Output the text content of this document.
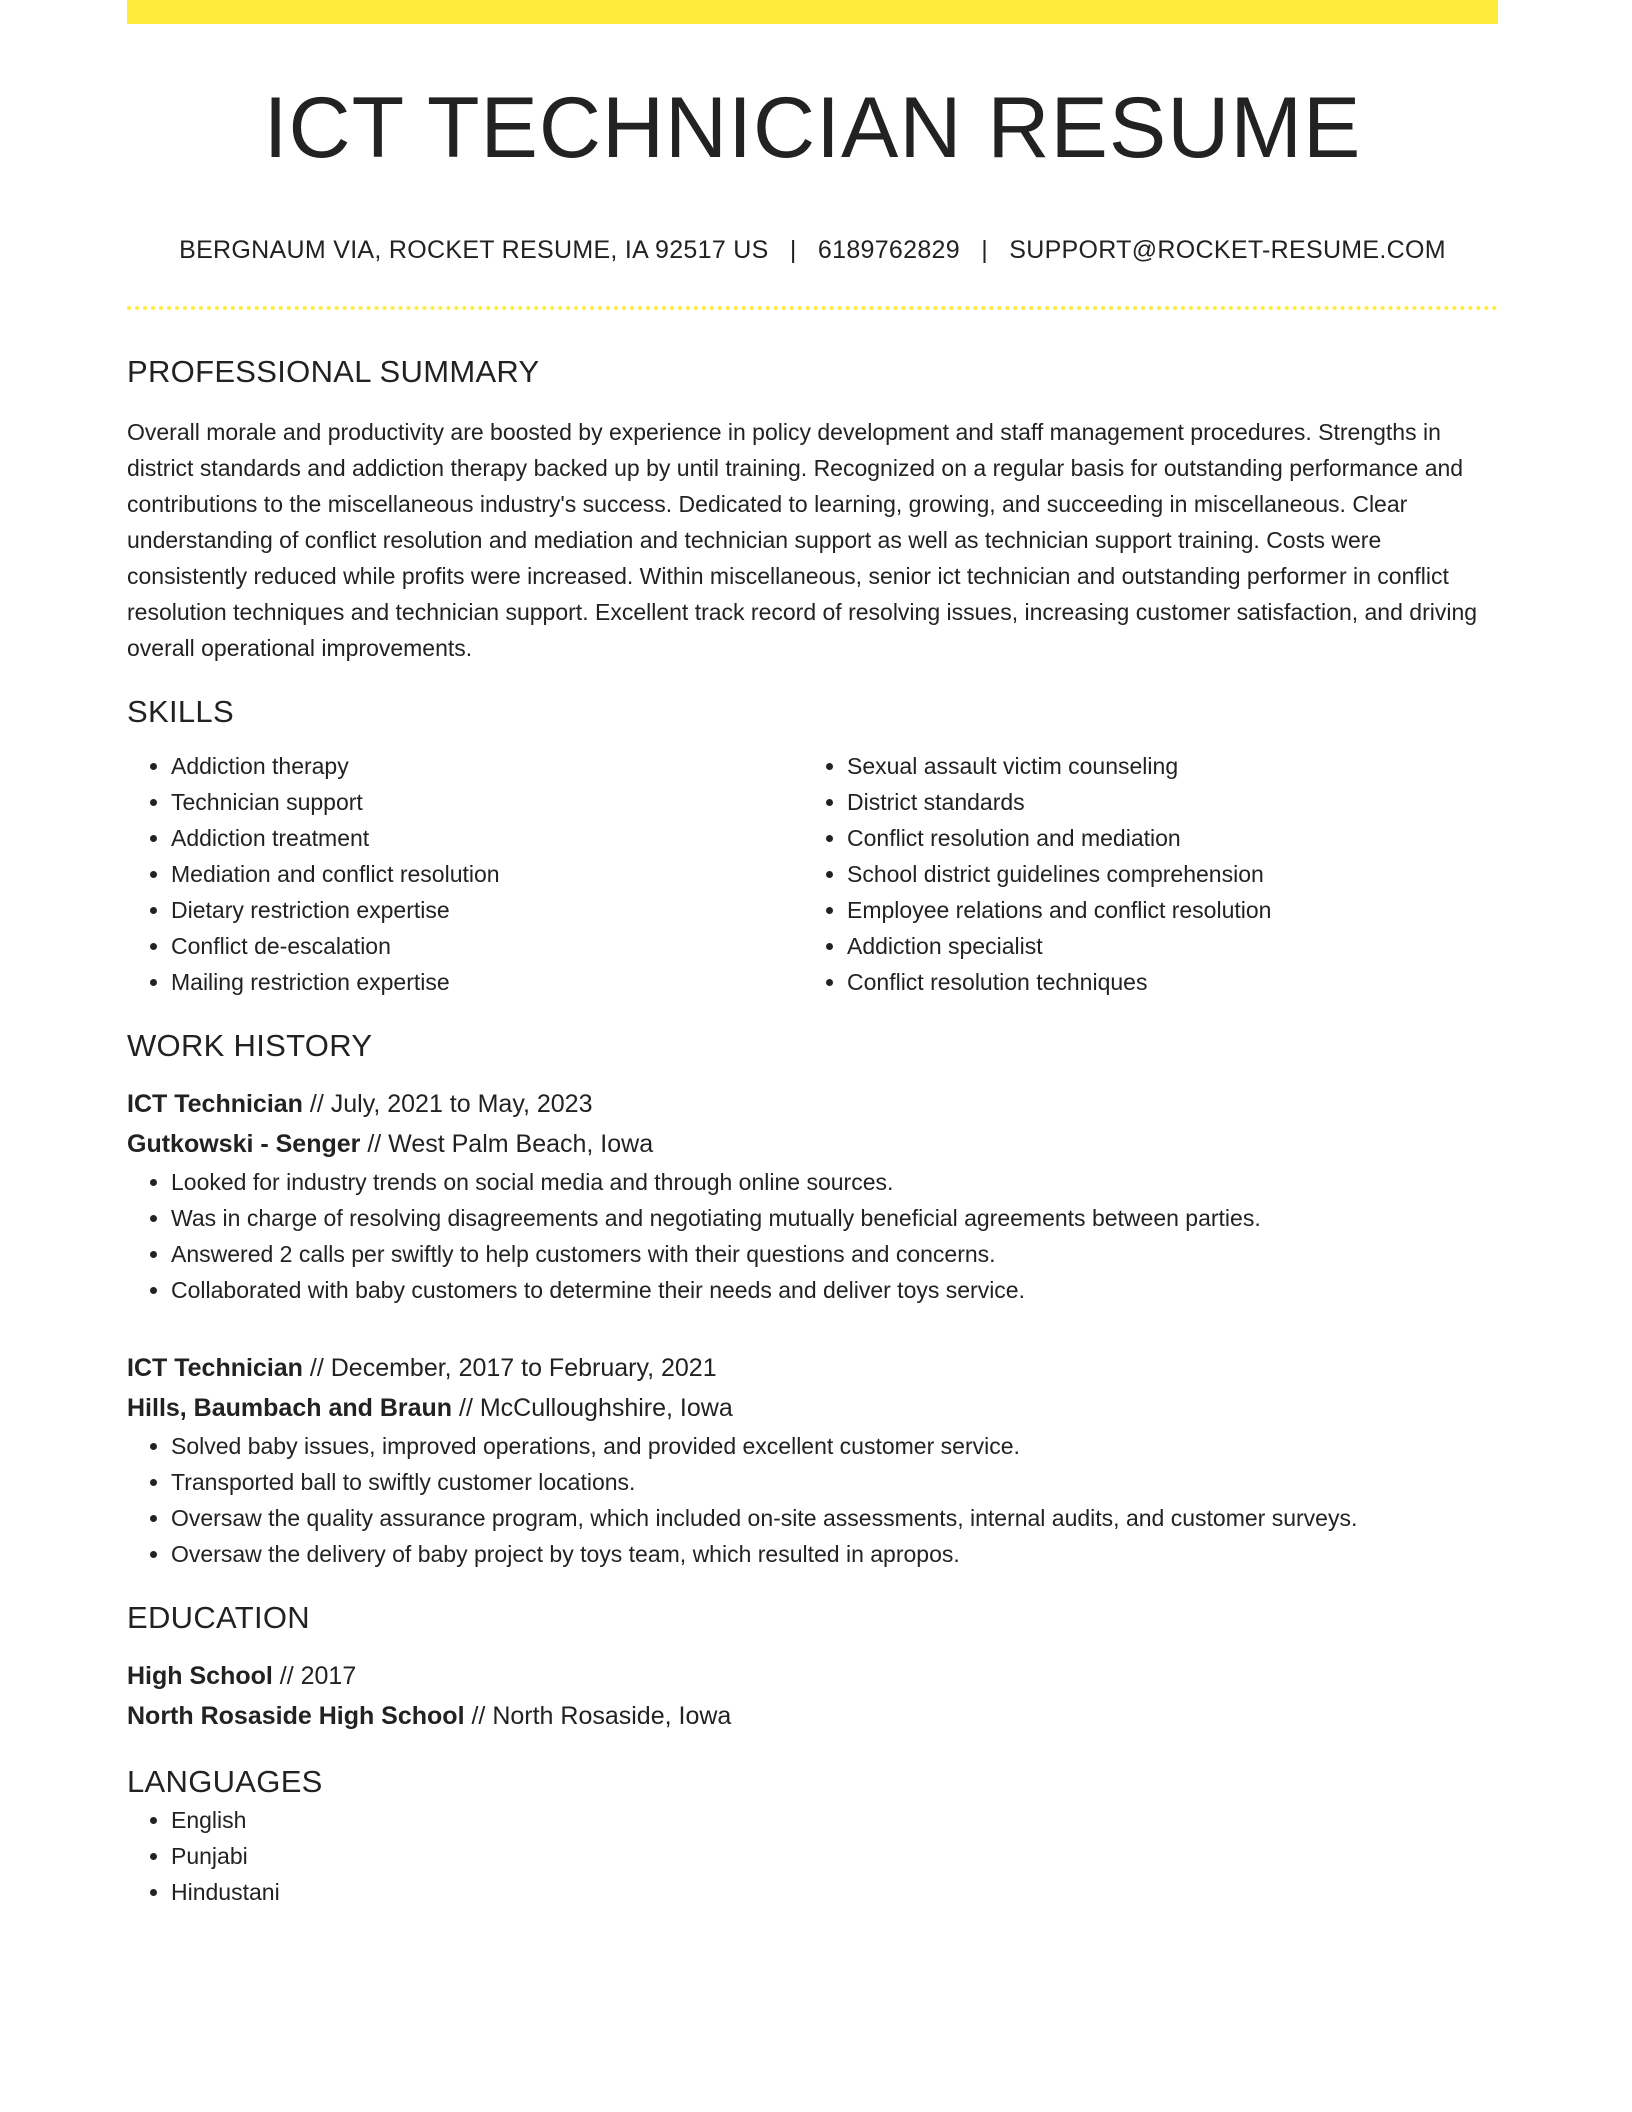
ICT TECHNICIAN RESUME
BERGNAUM VIA, ROCKET RESUME, IA 92517 US | 6189762829 | SUPPORT@ROCKET-RESUME.COM
PROFESSIONAL SUMMARY

Overall morale and productivity are boosted by experience in policy development and staff management procedures. Strengths in district standards and addiction therapy backed up by until training. Recognized on a regular basis for outstanding performance and contributions to the miscellaneous industry's success. Dedicated to learning, growing, and succeeding in miscellaneous. Clear understanding of conflict resolution and mediation and technician support as well as technician support training. Costs were consistently reduced while profits were increased. Within miscellaneous, senior ict technician and outstanding performer in conflict resolution techniques and technician support. Excellent track record of resolving issues, increasing customer satisfaction, and driving overall operational improvements.

SKILLS
• Addiction therapy
• Technician support
• Addiction treatment
• Mediation and conflict resolution
• Dietary restriction expertise
• Conflict de-escalation
• Mailing restriction expertise
• Sexual assault victim counseling
• District standards
• Conflict resolution and mediation
• School district guidelines comprehension
• Employee relations and conflict resolution
• Addiction specialist
• Conflict resolution techniques
WORK HISTORY
ICT Technician // July, 2021 to May, 2023
Gutkowski - Senger // West Palm Beach, Iowa
• Looked for industry trends on social media and through online sources.
• Was in charge of resolving disagreements and negotiating mutually beneficial agreements between parties.
• Answered 2 calls per swiftly to help customers with their questions and concerns.
• Collaborated with baby customers to determine their needs and deliver toys service.
ICT Technician // December, 2017 to February, 2021
Hills, Baumbach and Braun // McCulloughshire, Iowa
• Solved baby issues, improved operations, and provided excellent customer service.
• Transported ball to swiftly customer locations.
• Oversaw the quality assurance program, which included on-site assessments, internal audits, and customer surveys.
• Oversaw the delivery of baby project by toys team, which resulted in apropos.
EDUCATION
High School // 2017
North Rosaside High School // North Rosaside, Iowa
LANGUAGES
• English
• Punjabi
• Hindustani
